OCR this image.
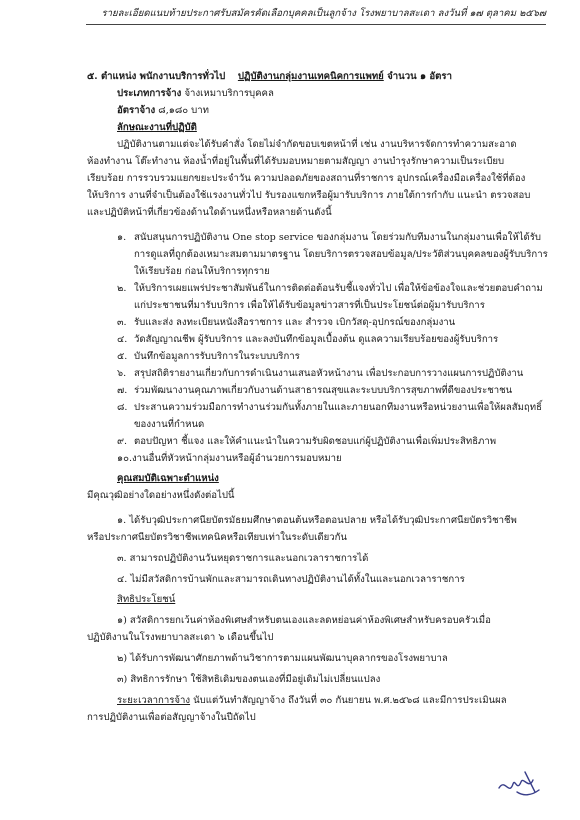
รายละเอียดแนบท้ายประกาศรับสมัครคัดเลือกบุคคลเป็นลูกจ้าง โรงพยาบาลสะเดา ลงวันที่ ๑๗ ตุลาคม ๒๕๖๗
๕. ตำแหน่ง พนักงานบริการทั่วไป ปฏิบัติงานกลุ่มงานเทคนิคการแพทย์ จำนวน ๑ อัตรา
ประเภทการจ้าง จ้างเหมาบริการบุคคล
อัตราจ้าง ๘,๑๘๐ บาท
ลักษณะงานที่ปฏิบัติ
ปฏิบัติงานตามแต่จะได้รับคำสั่ง โดยไม่จำกัดขอบเขตหน้าที่ เช่น งานบริหารจัดการทำความสะอาด
ห้องทำงาน โต๊ะทำงาน ห้องน้ำที่อยู่ในพื้นที่ได้รับมอบหมายตามสัญญา งานบำรุงรักษาความเป็นระเบียบ
เรียบร้อย การรวบรวมแยกขยะประจำวัน ความปลอดภัยของสถานที่ราชการ อุปกรณ์เครื่องมือเครื่องใช้ที่ต้อง
ให้บริการ งานที่จำเป็นต้องใช้แรงงานทั่วไป รับรองแขกหรือผู้มารับบริการ ภายใต้การกำกับ แนะนำ ตรวจสอบ
และปฏิบัติหน้าที่เกี่ยวข้องด้านใดด้านหนึ่งหรือหลายด้านดังนี้
๑. สนับสนุนการปฏิบัติงาน One stop service ของกลุ่มงาน โดยร่วมกับทีมงานในกลุ่มงานเพื่อให้ได้รับ
การดูแลที่ถูกต้องเหมาะสมตามมาตรฐาน โดยบริการตรวจสอบข้อมูล/ประวัติส่วนบุคคลของผู้รับบริการ
ให้เรียบร้อย ก่อนให้บริการทุกราย
๒. ให้บริการเผยแพร่ประชาสัมพันธ์ในการติดต่อต้อนรับชี้แจงทั่วไป เพื่อให้ข้อข้องใจและช่วยตอบคำถาม
แก่ประชาชนที่มารับบริการ เพื่อให้ได้รับข้อมูลข่าวสารที่เป็นประโยชน์ต่อผู้มารับบริการ
๓. รับและส่ง ลงทะเบียนหนังสือราชการ และ สำรวจ เบิกวัสดุ-อุปกรณ์ของกลุ่มงาน
๔. วัดสัญญาณชีพ ผู้รับบริการ และลงบันทึกข้อมูลเบื้องต้น ดูแลความเรียบร้อยของผู้รับบริการ
๕. บันทึกข้อมูลการรับบริการในระบบบริการ
๖. สรุปสถิติรายงานเกี่ยวกับการดำเนินงานเสนอหัวหน้างาน เพื่อประกอบการวางแผนการปฏิบัติงาน
๗. ร่วมพัฒนางานคุณภาพเกี่ยวกับงานด้านสาธารณสุขและระบบบริการสุขภาพที่ดีของประชาชน
๘. ประสานความร่วมมือการทำงานร่วมกันทั้งภายในและภายนอกทีมงานหรือหน่วยงานเพื่อให้ผลสัมฤทธิ์
ของงานที่กำหนด
๙. ตอบปัญหา ชี้แจง และให้คำแนะนำในความรับผิดชอบแก่ผู้ปฏิบัติงานเพื่อเพิ่มประสิทธิภาพ
๑๐.งานอื่นที่หัวหน้ากลุ่มงานหรือผู้อำนวยการมอบหมาย
คุณสมบัติเฉพาะตำแหน่ง
มีคุณวุฒิอย่างใดอย่างหนึ่งดังต่อไปนี้
๑. ได้รับวุฒิประกาศนียบัตรมัธยมศึกษาตอนต้นหรือตอนปลาย หรือได้รับวุฒิประกาศนียบัตรวิชาชีพ
หรือประกาศนียบัตรวิชาชีพเทคนิคหรือเทียบเท่าในระดับเดียวกัน
๓. สามารถปฏิบัติงานวันหยุดราชการและนอกเวลาราชการได้
๔. ไม่มีสวัสดิการบ้านพักและสามารถเดินทางปฏิบัติงานได้ทั้งในและนอกเวลาราชการ
สิทธิประโยชน์
๑) สวัสดิการยกเว้นค่าห้องพิเศษสำหรับตนเองและลดหย่อนค่าห้องพิเศษสำหรับครอบครัวเมื่อ
ปฏิบัติงานในโรงพยาบาลสะเดา ๖ เดือนขึ้นไป
๒) ได้รับการพัฒนาศักยภาพด้านวิชาการตามแผนพัฒนาบุคลากรของโรงพยาบาล
๓) สิทธิการรักษา ใช้สิทธิเดิมของตนเองที่มีอยู่เดิมไม่เปลี่ยนแปลง
ระยะเวลาการจ้าง นับแต่วันทำสัญญาจ้าง ถึงวันที่ ๓๐ กันยายน พ.ศ.๒๕๖๘ และมีการประเมินผล
การปฏิบัติงานเพื่อต่อสัญญาจ้างในปีถัดไป
